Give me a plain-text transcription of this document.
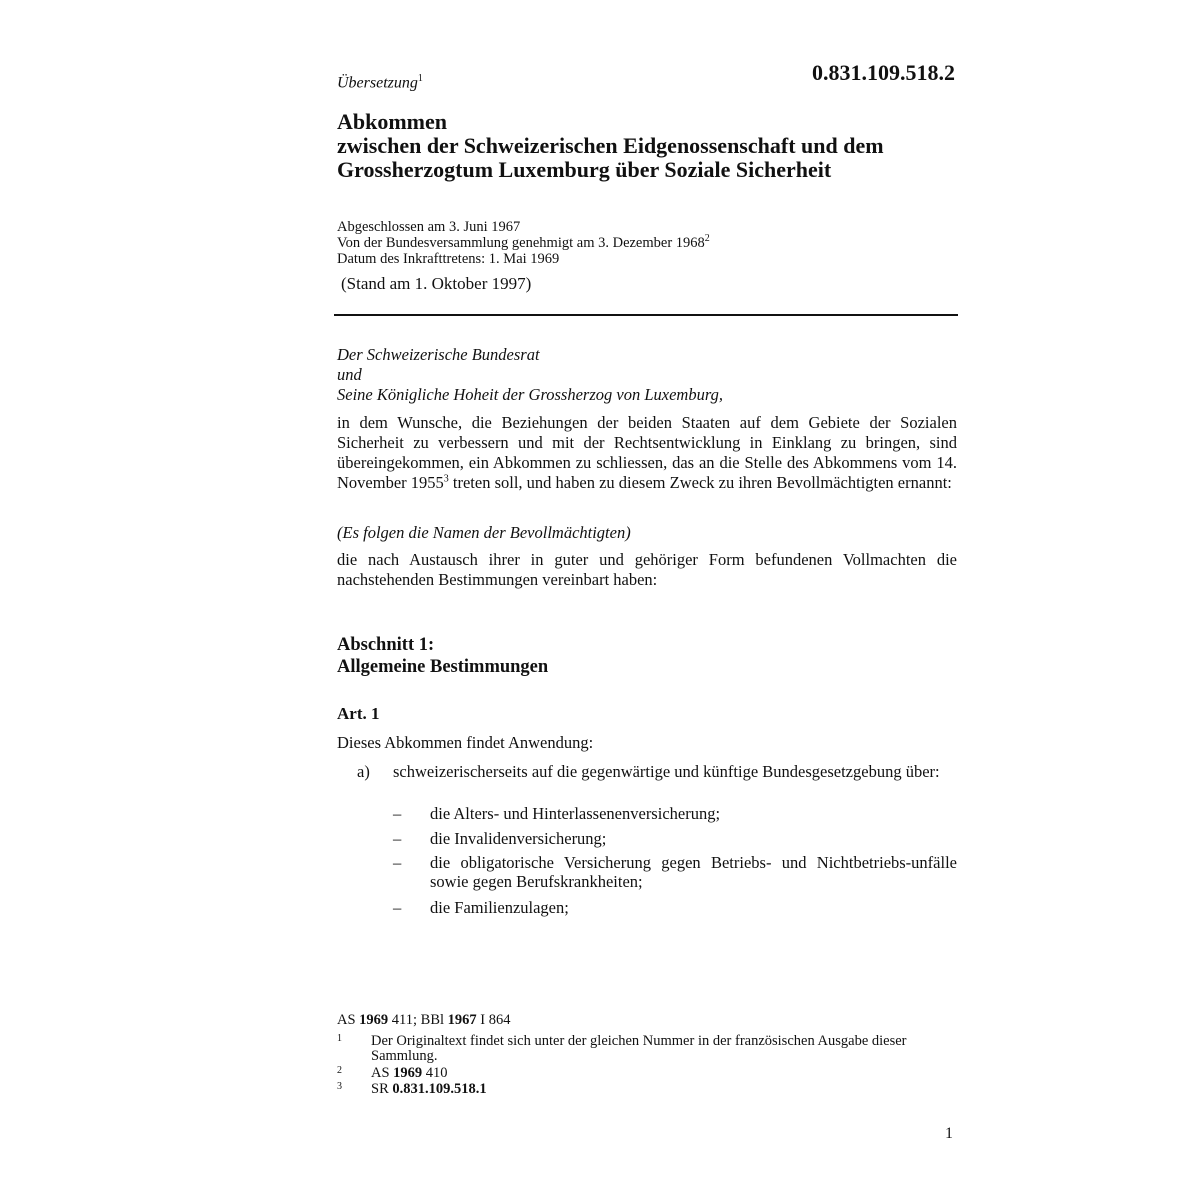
Übersetzung$^1$	0.831.109.518.2
Abkommen
zwischen der Schweizerischen Eidgenossenschaft und dem
Grossherzogtum Luxemburg über Soziale Sicherheit
Abgeschlossen am 3. Juni 1967
Von der Bundesversammlung genehmigt am 3. Dezember 1968$^2$
Datum des Inkrafttretens: 1. Mai 1969
(Stand am 1. Oktober 1997)
Der Schweizerische Bundesrat
und
Seine Königliche Hoheit der Grossherzog von Luxemburg,
in dem Wunsche, die Beziehungen der beiden Staaten auf dem Gebiete der Sozialen Sicherheit zu verbessern und mit der Rechtsentwicklung in Einklang zu bringen, sind übereingekommen, ein Abkommen zu schliessen, das an die Stelle des Abkommens vom 14. November 1955$^3$ treten soll, und haben zu diesem Zweck zu ihren Bevollmächtigten ernannt:
(Es folgen die Namen der Bevollmächtigten)
die nach Austausch ihrer in guter und gehöriger Form befundenen Vollmachten die nachstehenden Bestimmungen vereinbart haben:
Abschnitt 1:
Allgemeine Bestimmungen
Art. 1
Dieses Abkommen findet Anwendung:
a) schweizerischerseits auf die gegenwärtige und künftige Bundesgesetzgebung über:
– die Alters- und Hinterlassenenversicherung;
– die Invalidenversicherung;
– die obligatorische Versicherung gegen Betriebs- und Nichtbetriebs-unfälle sowie gegen Berufskrankheiten;
– die Familienzulagen;
AS 1969 411; BBl 1967 I 864
1 Der Originaltext findet sich unter der gleichen Nummer in der französischen Ausgabe dieser Sammlung.
2 AS 1969 410
3 SR 0.831.109.518.1
1
